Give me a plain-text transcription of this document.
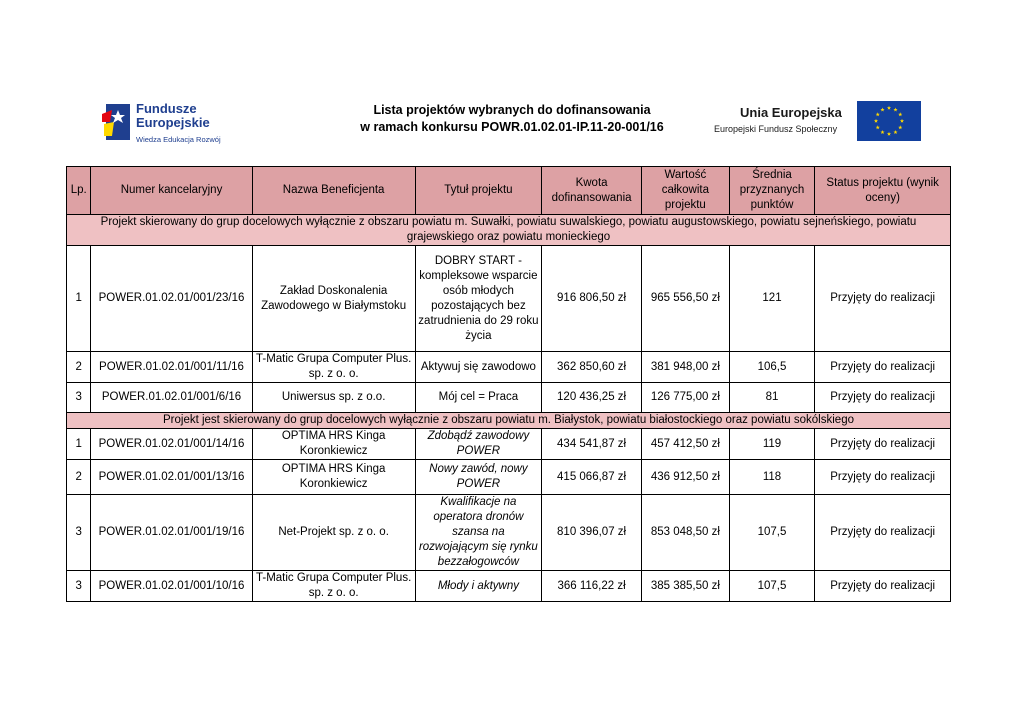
Fundusze
Europejskie
Wiedza Edukacja Rozwój
Lista projektów wybranych do dofinansowania
w ramach konkursu POWR.01.02.01-IP.11-20-001/16
Unia Europejska
Europejski Fundusz Społeczny
Lp.	Numer kancelaryjny	Nazwa Beneficjenta	Tytuł projektu	Kwota dofinansowania	Wartość całkowita projektu	Średnia przyznanych punktów	Status projektu (wynik oceny)
Projekt skierowany do grup docelowych wyłącznie z obszaru powiatu m. Suwałki, powiatu suwalskiego, powiatu augustowskiego, powiatu sejneńskiego, powiatu grajewskiego oraz powiatu monieckiego							
1	POWER.01.02.01/001/23/16	Zakład Doskonalenia Zawodowego w Białymstoku	DOBRY START - kompleksowe wsparcie osób młodych pozostających bez zatrudnienia do 29 roku życia	916 806,50 zł	965 556,50 zł	121	Przyjęty do realizacji
2	POWER.01.02.01/001/11/16	T-Matic Grupa Computer Plus. sp. z o. o.	Aktywuj się zawodowo	362 850,60 zł	381 948,00 zł	106,5	Przyjęty do realizacji
3	POWER.01.02.01/001/6/16	Uniwersus sp. z o.o.	Mój cel = Praca	120 436,25 zł	126 775,00 zł	81	Przyjęty do realizacji
Projekt jest skierowany do grup docelowych wyłącznie z obszaru powiatu m. Białystok, powiatu białostockiego oraz powiatu sokólskiego							
1	POWER.01.02.01/001/14/16	OPTIMA HRS Kinga Koronkiewicz	Zdobądź zawodowy POWER	434 541,87 zł	457 412,50 zł	119	Przyjęty do realizacji
2	POWER.01.02.01/001/13/16	OPTIMA HRS Kinga Koronkiewicz	Nowy zawód, nowy POWER	415 066,87 zł	436 912,50 zł	118	Przyjęty do realizacji
3	POWER.01.02.01/001/19/16	Net-Projekt sp. z o. o.	Kwalifikacje na operatora dronów szansa na rozwojającym się rynku bezzałogowców	810 396,07 zł	853 048,50 zł	107,5	Przyjęty do realizacji
3	POWER.01.02.01/001/10/16	T-Matic Grupa Computer Plus. sp. z o. o.	Młody i aktywny	366 116,22 zł	385 385,50 zł	107,5	Przyjęty do realizacji
